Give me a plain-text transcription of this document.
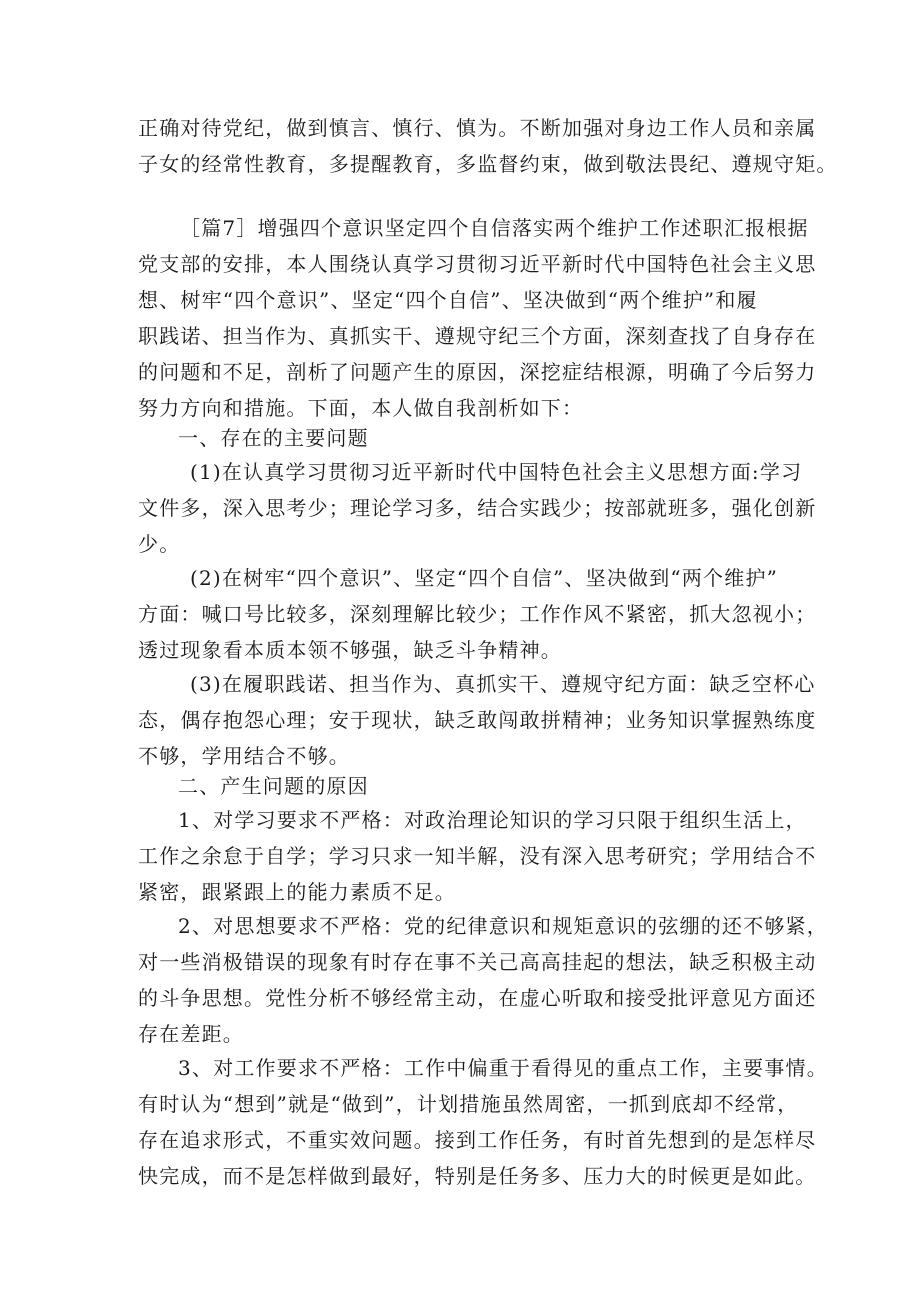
正确对待党纪，做到慎言、慎行、慎为。不断加强对身边工作人员和亲属
子女的经常性教育，多提醒教育，多监督约束，做到敬法畏纪、遵规守矩。
［篇7］增强四个意识坚定四个自信落实两个维护工作述职汇报根据
党支部的安排，本人围绕认真学习贯彻习近平新时代中国特色社会主义思
想、树牢“四个意识”、坚定“四个自信”、坚决做到“两个维护”和履
职践诺、担当作为、真抓实干、遵规守纪三个方面，深刻查找了自身存在
的问题和不足，剖析了问题产生的原因，深挖症结根源，明确了今后努力
努力方向和措施。下面，本人做自我剖析如下：
一、存在的主要问题
(1)在认真学习贯彻习近平新时代中国特色社会主义思想方面:学习
文件多，深入思考少；理论学习多，结合实践少；按部就班多，强化创新
少。
(2)在树牢“四个意识”、坚定“四个自信”、坚决做到“两个维护”
方面：喊口号比较多，深刻理解比较少；工作作风不紧密，抓大忽视小；
透过现象看本质本领不够强，缺乏斗争精神。
(3)在履职践诺、担当作为、真抓实干、遵规守纪方面：缺乏空杯心
态，偶存抱怨心理；安于现状，缺乏敢闯敢拼精神；业务知识掌握熟练度
不够，学用结合不够。
二、产生问题的原因
1、对学习要求不严格：对政治理论知识的学习只限于组织生活上，
工作之余怠于自学；学习只求一知半解，没有深入思考研究；学用结合不
紧密，跟紧跟上的能力素质不足。
2、对思想要求不严格：党的纪律意识和规矩意识的弦绷的还不够紧，
对一些消极错误的现象有时存在事不关己高高挂起的想法，缺乏积极主动
的斗争思想。党性分析不够经常主动，在虚心听取和接受批评意见方面还
存在差距。
3、对工作要求不严格：工作中偏重于看得见的重点工作，主要事情。
有时认为“想到”就是“做到”，计划措施虽然周密，一抓到底却不经常，
存在追求形式，不重实效问题。接到工作任务，有时首先想到的是怎样尽
快完成，而不是怎样做到最好，特别是任务多、压力大的时候更是如此。
